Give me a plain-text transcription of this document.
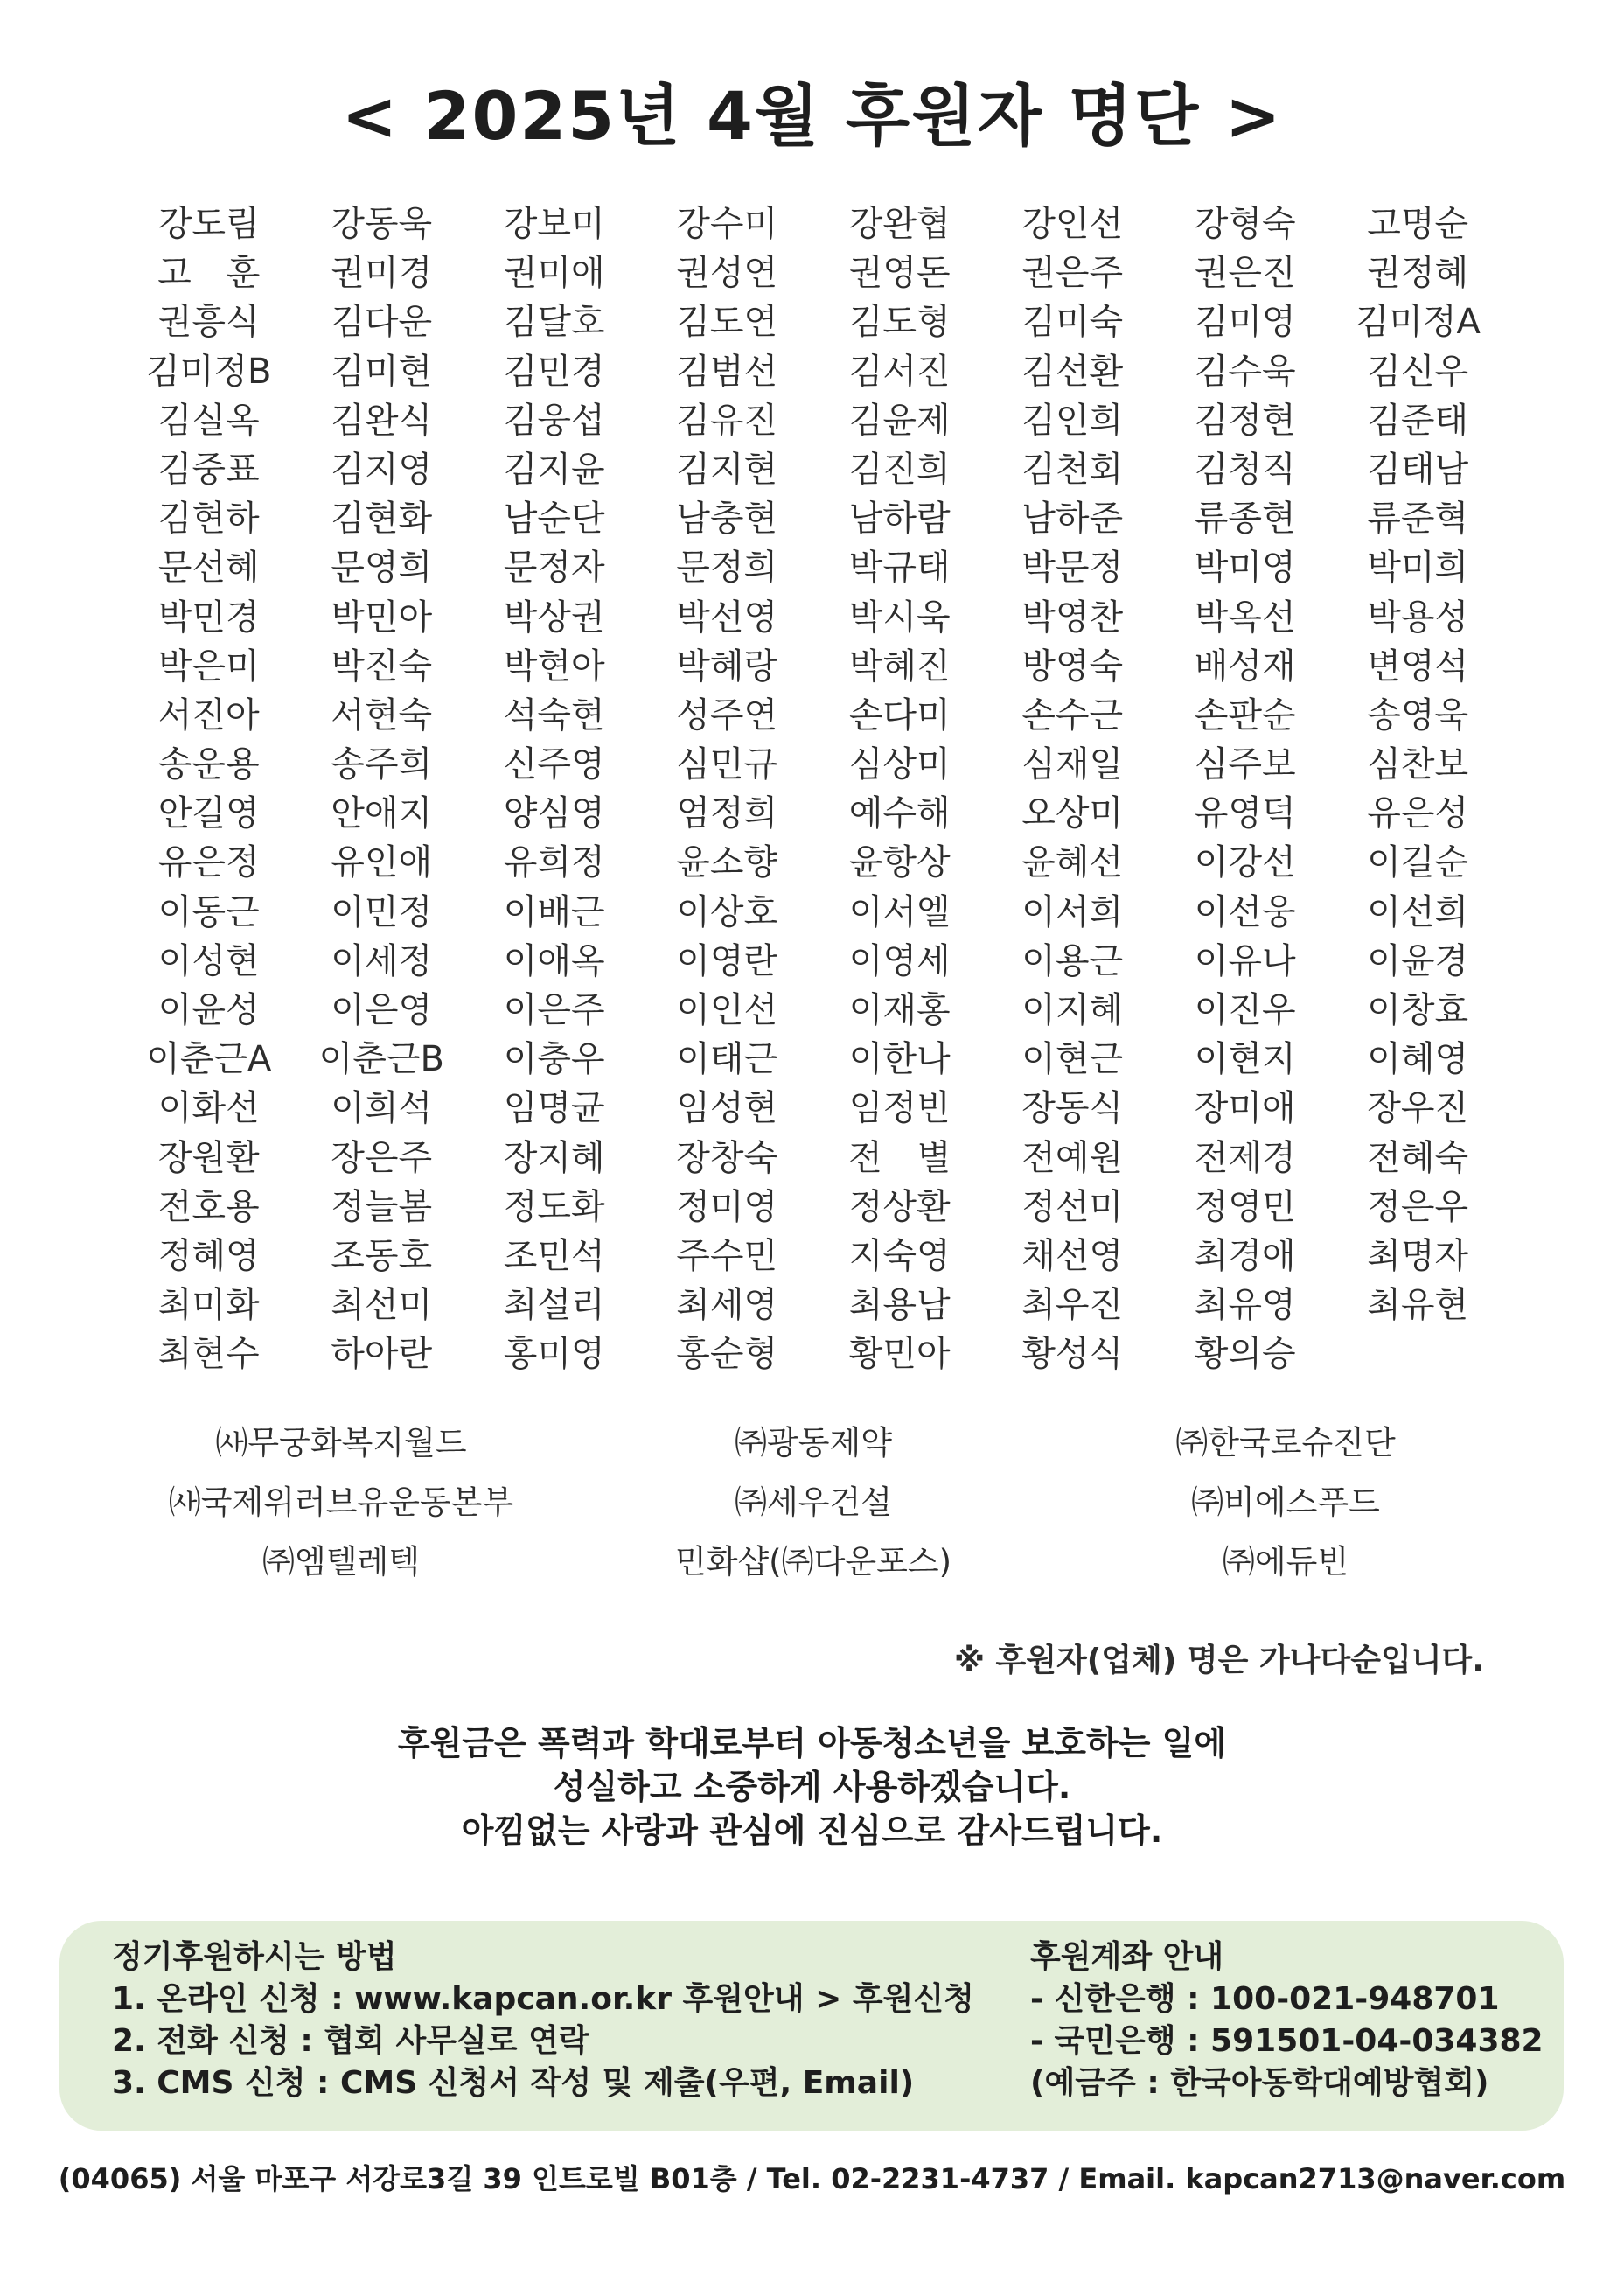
< 2025년 4월 후원자 명단 >
강도림	강동욱	강보미	강수미	강완협	강인선	강형숙	고명순
고　훈	권미경	권미애	권성연	권영돈	권은주	권은진	권정혜
권흥식	김다운	김달호	김도연	김도형	김미숙	김미영	김미정A
김미정B	김미현	김민경	김범선	김서진	김선환	김수욱	김신우
김실옥	김완식	김웅섭	김유진	김윤제	김인희	김정현	김준태
김중표	김지영	김지윤	김지현	김진희	김천회	김청직	김태남
김현하	김현화	남순단	남충현	남하람	남하준	류종현	류준혁
문선혜	문영희	문정자	문정희	박규태	박문정	박미영	박미희
박민경	박민아	박상권	박선영	박시욱	박영찬	박옥선	박용성
박은미	박진숙	박현아	박혜랑	박혜진	방영숙	배성재	변영석
서진아	서현숙	석숙현	성주연	손다미	손수근	손판순	송영욱
송운용	송주희	신주영	심민규	심상미	심재일	심주보	심찬보
안길영	안애지	양심영	엄정희	예수해	오상미	유영덕	유은성
유은정	유인애	유희정	윤소향	윤항상	윤혜선	이강선	이길순
이동근	이민정	이배근	이상호	이서엘	이서희	이선웅	이선희
이성현	이세정	이애옥	이영란	이영세	이용근	이유나	이윤경
이윤성	이은영	이은주	이인선	이재홍	이지혜	이진우	이창효
이춘근A	이춘근B	이충우	이태근	이한나	이현근	이현지	이혜영
이화선	이희석	임명균	임성현	임정빈	장동식	장미애	장우진
장원환	장은주	장지혜	장창숙	전　별	전예원	전제경	전혜숙
전호용	정늘봄	정도화	정미영	정상환	정선미	정영민	정은우
정혜영	조동호	조민석	주수민	지숙영	채선영	최경애	최명자
최미화	최선미	최설리	최세영	최용남	최우진	최유영	최유현
최현수	하아란	홍미영	홍순형	황민아	황성식	황의승
㈔무궁화복지월드	㈜광동제약	㈜한국로슈진단
㈔국제위러브유운동본부	㈜세우건설	㈜비에스푸드
㈜엠텔레텍	민화샵(㈜다운포스)	㈜에듀빈
※ 후원자(업체) 명은 가나다순입니다.
후원금은 폭력과 학대로부터 아동청소년을 보호하는 일에
성실하고 소중하게 사용하겠습니다.
아낌없는 사랑과 관심에 진심으로 감사드립니다.
정기후원하시는 방법
1. 온라인 신청 : www.kapcan.or.kr 후원안내 > 후원신청
2. 전화 신청 : 협회 사무실로 연락
3. CMS 신청 : CMS 신청서 작성 및 제출(우편, Email)
후원계좌 안내
- 신한은행 : 100-021-948701
- 국민은행 : 591501-04-034382
(예금주 : 한국아동학대예방협회)
(04065) 서울 마포구 서강로3길 39 인트로빌 B01층 / Tel. 02-2231-4737 / Email. kapcan2713@naver.com
